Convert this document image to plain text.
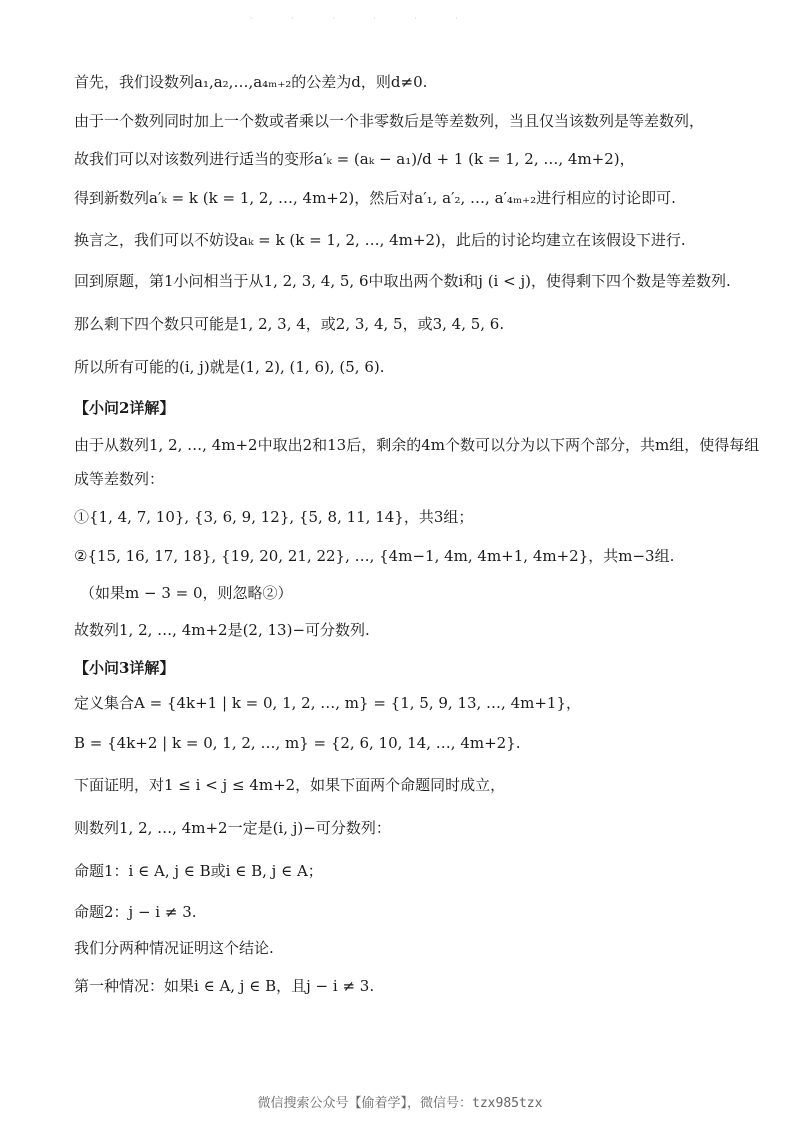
· · · · · ·
首先，我们设数列a₁,a₂,…,a₄ₘ₊₂的公差为d，则d≠0.
由于一个数列同时加上一个数或者乘以一个非零数后是等差数列，当且仅当该数列是等差数列，
故我们可以对该数列进行适当的变形a′ₖ = (aₖ − a₁)/d + 1 (k = 1, 2, …, 4m+2)，
得到新数列a′ₖ = k (k = 1, 2, …, 4m+2)，然后对a′₁, a′₂, …, a′₄ₘ₊₂进行相应的讨论即可.
换言之，我们可以不妨设aₖ = k (k = 1, 2, …, 4m+2)，此后的讨论均建立在该假设下进行.
回到原题，第1小问相当于从1, 2, 3, 4, 5, 6中取出两个数i和j (i < j)，使得剩下四个数是等差数列.
那么剩下四个数只可能是1, 2, 3, 4，或2, 3, 4, 5，或3, 4, 5, 6.
所以所有可能的(i, j)就是(1, 2), (1, 6), (5, 6).
【小问2详解】
由于从数列1, 2, …, 4m+2中取出2和13后，剩余的4m个数可以分为以下两个部分，共m组，使得每组
成等差数列：
①{1, 4, 7, 10}, {3, 6, 9, 12}, {5, 8, 11, 14}，共3组；
②{15, 16, 17, 18}, {19, 20, 21, 22}, …, {4m−1, 4m, 4m+1, 4m+2}，共m−3组.
（如果m − 3 = 0，则忽略②）
故数列1, 2, …, 4m+2是(2, 13)−可分数列.
【小问3详解】
定义集合A = {4k+1 | k = 0, 1, 2, …, m} = {1, 5, 9, 13, …, 4m+1}，
B = {4k+2 | k = 0, 1, 2, …, m} = {2, 6, 10, 14, …, 4m+2}.
下面证明，对1 ≤ i < j ≤ 4m+2，如果下面两个命题同时成立，
则数列1, 2, …, 4m+2一定是(i, j)−可分数列：
命题1：i ∈ A, j ∈ B或i ∈ B, j ∈ A；
命题2：j − i ≠ 3.
我们分两种情况证明这个结论.
第一种情况：如果i ∈ A, j ∈ B，且j − i ≠ 3.
微信搜索公众号【偷着学】，微信号：tzx985tzx
